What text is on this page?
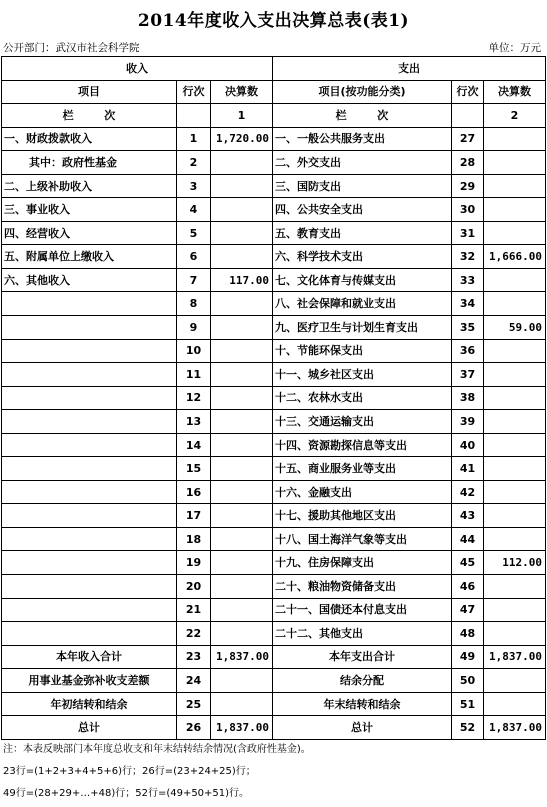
2014年度收入支出决算总表(表1)
公开部门：武汉市社会科学院	单位：万元
收入			支出		
项目	行次	决算数	项目(按功能分类)	行次	决算数
栏        次		1	栏        次		2
一、财政拨款收入	1	1,720.00	一、一般公共服务支出	27	
其中：政府性基金	2		二、外交支出	28	
二、上级补助收入	3		三、国防支出	29	
三、事业收入	4		四、公共安全支出	30	
四、经营收入	5		五、教育支出	31	
五、附属单位上缴收入	6		六、科学技术支出	32	1,666.00
六、其他收入	7	117.00	七、文化体育与传媒支出	33	
	8		八、社会保障和就业支出	34	
	9		九、医疗卫生与计划生育支出	35	59.00
	10		十、节能环保支出	36	
	11		十一、城乡社区支出	37	
	12		十二、农林水支出	38	
	13		十三、交通运输支出	39	
	14		十四、资源勘探信息等支出	40	
	15		十五、商业服务业等支出	41	
	16		十六、金融支出	42	
	17		十七、援助其他地区支出	43	
	18		十八、国土海洋气象等支出	44	
	19		十九、住房保障支出	45	112.00
	20		二十、粮油物资储备支出	46	
	21		二十一、国债还本付息支出	47	
	22		二十二、其他支出	48	
本年收入合计	23	1,837.00	本年支出合计	49	1,837.00
用事业基金弥补收支差额	24		结余分配	50	
年初结转和结余	25		年末结转和结余	51	
总计	26	1,837.00	总计	52	1,837.00
注：本表反映部门本年度总收支和年末结转结余情况(含政府性基金)。
23行=(1+2+3+4+5+6)行；26行=(23+24+25)行；
49行=(28+29+…+48)行；52行=(49+50+51)行。
